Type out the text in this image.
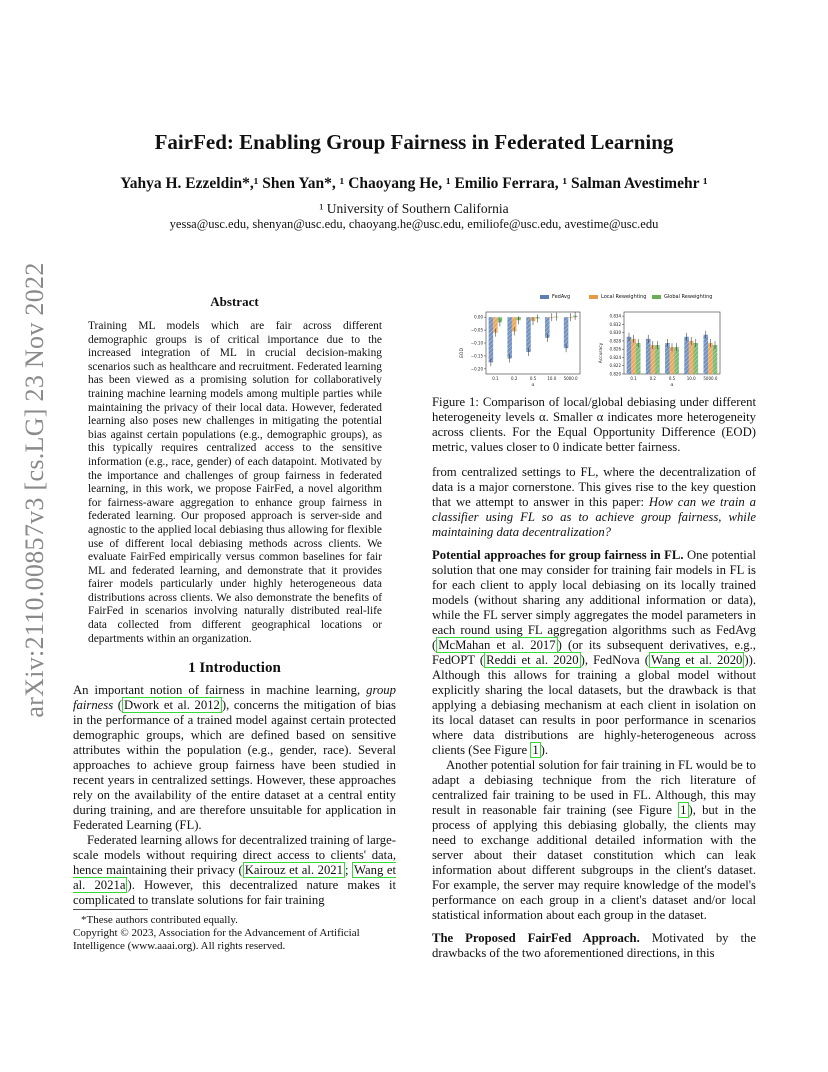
arXiv:2110.00857v3 [cs.LG] 23 Nov 2022
FairFed: Enabling Group Fairness in Federated Learning
Yahya H. Ezzeldin*,¹ Shen Yan*, ¹ Chaoyang He, ¹ Emilio Ferrara, ¹ Salman Avestimehr ¹
¹ University of Southern California
yessa@usc.edu, shenyan@usc.edu, chaoyang.he@usc.edu, emiliofe@usc.edu, avestime@usc.edu
Abstract
Training ML models which are fair across different demographic groups is of critical importance due to the increased integration of ML in crucial decision-making scenarios such as healthcare and recruitment. Federated learning has been viewed as a promising solution for collaboratively training machine learning models among multiple parties while maintaining the privacy of their local data. However, federated learning also poses new challenges in mitigating the potential bias against certain populations (e.g., demographic groups), as this typically requires centralized access to the sensitive information (e.g., race, gender) of each datapoint. Motivated by the importance and challenges of group fairness in federated learning, in this work, we propose FairFed, a novel algorithm for fairness-aware aggregation to enhance group fairness in federated learning. Our proposed approach is server-side and agnostic to the applied local debiasing thus allowing for flexible use of different local debiasing methods across clients. We evaluate FairFed empirically versus common baselines for fair ML and federated learning, and demonstrate that it provides fairer models particularly under highly heterogeneous data distributions across clients. We also demonstrate the benefits of FairFed in scenarios involving naturally distributed real-life data collected from different geographical locations or departments within an organization.
1 Introduction

An important notion of fairness in machine learning, group fairness ( Dwork et al. 2012 ), concerns the mitigation of bias in the performance of a trained model against certain protected demographic groups, which are defined based on sensitive attributes within the population (e.g., gender, race). Several approaches to achieve group fairness have been studied in recent years in centralized settings. However, these approaches rely on the availability of the entire dataset at a central entity during training, and are therefore unsuitable for application in Federated Learning (FL).

Federated learning allows for decentralized training of large-scale models without requiring direct access to clients' data, hence maintaining their privacy ( Kairouz et al. 2021 ; Wang et al. 2021a ). However, this decentralized nature makes it complicated to translate solutions for fair training

*These authors contributed equally.
Copyright © 2023, Association for the Advancement of Artificial Intelligence (www.aaai.org). All rights reserved.
FedAvg	Local Reweighting	Global Reweighting
0.00
−0.05
−0.10
−0.15
−0.20
0.1	0.2	0.5	10.0 5000.0
α
EOD
0.834
0.832
0.830
0.828
0.826
0.824
0.822
0.820
0.1	0.2	0.5	10.0 5000.0
α
Accuracy
Figure 1: Comparison of local/global debiasing under different heterogeneity levels α. Smaller α indicates more heterogeneity across clients. For the Equal Opportunity Difference (EOD) metric, values closer to 0 indicate better fairness.

from centralized settings to FL, where the decentralization of data is a major cornerstone. This gives rise to the key question that we attempt to answer in this paper: How can we train a classifier using FL so as to achieve group fairness, while maintaining data decentralization?

Potential approaches for group fairness in FL. One potential solution that one may consider for training fair models in FL is for each client to apply local debiasing on its locally trained models (without sharing any additional information or data), while the FL server simply aggregates the model parameters in each round using FL aggregation algorithms such as FedAvg ( McMahan et al. 2017 ) (or its subsequent derivatives, e.g., FedOPT ( Reddi et al. 2020 ), FedNova ( Wang et al. 2020 )). Although this allows for training a global model without explicitly sharing the local datasets, but the drawback is that applying a debiasing mechanism at each client in isolation on its local dataset can results in poor performance in scenarios where data distributions are highly-heterogeneous across clients (See Figure 1 ).

Another potential solution for fair training in FL would be to adapt a debiasing technique from the rich literature of centralized fair training to be used in FL. Although, this may result in reasonable fair training (see Figure 1 ), but in the process of applying this debiasing globally, the clients may need to exchange additional detailed information with the server about their dataset constitution which can leak information about different subgroups in the client's dataset. For example, the server may require knowledge of the model's performance on each group in a client's dataset and/or local statistical information about each group in the dataset.

The Proposed FairFed Approach. Motivated by the drawbacks of the two aforementioned directions, in this
